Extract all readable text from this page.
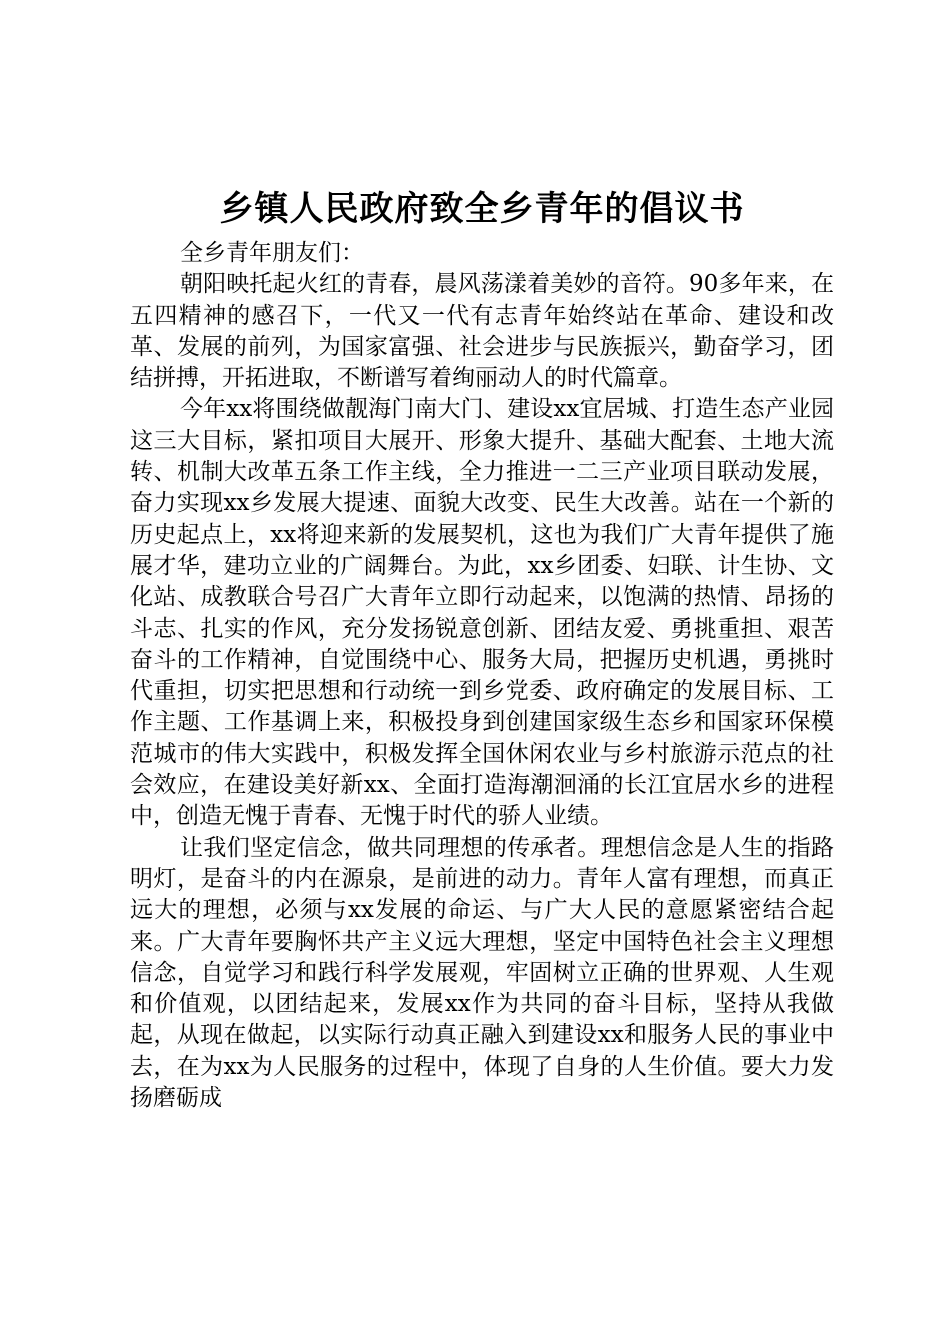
乡镇人民政府致全乡青年的倡议书

全乡青年朋友们：

朝阳映托起火红的青春，晨风荡漾着美妙的音符。90多年来，在五四精神的感召下，一代又一代有志青年始终站在革命、建设和改革、发展的前列，为国家富强、社会进步与民族振兴，勤奋学习，团结拼搏，开拓进取，不断谱写着绚丽动人的时代篇章。

今年xx将围绕做靓海门南大门、建设xx宜居城、打造生态产业园这三大目标，紧扣项目大展开、形象大提升、基础大配套、土地大流转、机制大改革五条工作主线，全力推进一二三产业项目联动发展，奋力实现xx乡发展大提速、面貌大改变、民生大改善。站在一个新的历史起点上，xx将迎来新的发展契机，这也为我们广大青年提供了施展才华，建功立业的广阔舞台。为此，xx乡团委、妇联、计生协、文化站、成教联合号召广大青年立即行动起来，以饱满的热情、昂扬的斗志、扎实的作风，充分发扬锐意创新、团结友爱、勇挑重担、艰苦奋斗的工作精神，自觉围绕中心、服务大局，把握历史机遇，勇挑时代重担，切实把思想和行动统一到乡党委、政府确定的发展目标、工作主题、工作基调上来，积极投身到创建国家级生态乡和国家环保模范城市的伟大实践中，积极发挥全国休闲农业与乡村旅游示范点的社会效应，在建设美好新xx、全面打造海潮洄涌的长江宜居水乡的进程中，创造无愧于青春、无愧于时代的骄人业绩。

让我们坚定信念，做共同理想的传承者。理想信念是人生的指路明灯，是奋斗的内在源泉，是前进的动力。青年人富有理想，而真正远大的理想，必须与xx发展的命运、与广大人民的意愿紧密结合起来。广大青年要胸怀共产主义远大理想，坚定中国特色社会主义理想信念，自觉学习和践行科学发展观，牢固树立正确的世界观、人生观和价值观，以团结起来，发展xx作为共同的奋斗目标，坚持从我做起，从现在做起，以实际行动真正融入到建设xx和服务人民的事业中去，在为xx为人民服务的过程中，体现了自身的人生价值。要大力发扬磨砺成
